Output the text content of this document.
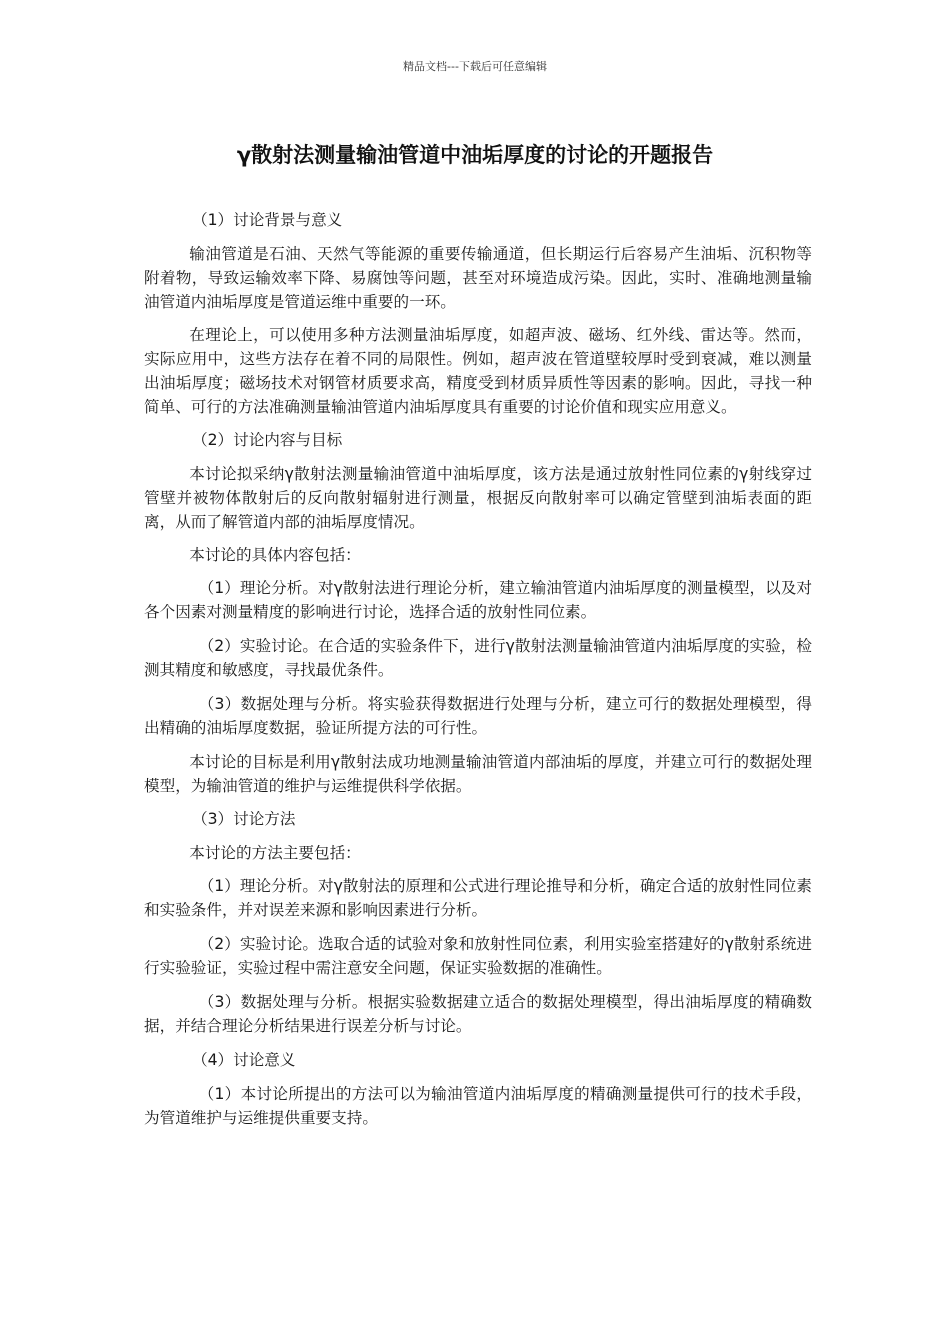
精品文档---下载后可任意编辑
γ散射法测量输油管道中油垢厚度的讨论的开题报告
（1）讨论背景与意义

输油管道是石油、天然气等能源的重要传输通道，但长期运行后容易产生油垢、沉积物等附着物，导致运输效率下降、易腐蚀等问题，甚至对环境造成污染。因此，实时、准确地测量输油管道内油垢厚度是管道运维中重要的一环。

在理论上，可以使用多种方法测量油垢厚度，如超声波、磁场、红外线、雷达等。然而，实际应用中，这些方法存在着不同的局限性。例如，超声波在管道壁较厚时受到衰减，难以测量出油垢厚度；磁场技术对钢管材质要求高，精度受到材质异质性等因素的影响。因此，寻找一种简单、可行的方法准确测量输油管道内油垢厚度具有重要的讨论价值和现实应用意义。

（2）讨论内容与目标

本讨论拟采纳γ散射法测量输油管道中油垢厚度，该方法是通过放射性同位素的γ射线穿过管壁并被物体散射后的反向散射辐射进行测量，根据反向散射率可以确定管壁到油垢表面的距离，从而了解管道内部的油垢厚度情况。

本讨论的具体内容包括：

（1）理论分析。对γ散射法进行理论分析，建立输油管道内油垢厚度的测量模型，以及对各个因素对测量精度的影响进行讨论，选择合适的放射性同位素。

（2）实验讨论。在合适的实验条件下，进行γ散射法测量输油管道内油垢厚度的实验，检测其精度和敏感度，寻找最优条件。

（3）数据处理与分析。将实验获得数据进行处理与分析，建立可行的数据处理模型，得出精确的油垢厚度数据，验证所提方法的可行性。

本讨论的目标是利用γ散射法成功地测量输油管道内部油垢的厚度，并建立可行的数据处理模型，为输油管道的维护与运维提供科学依据。

（3）讨论方法

本讨论的方法主要包括：

（1）理论分析。对γ散射法的原理和公式进行理论推导和分析，确定合适的放射性同位素和实验条件，并对误差来源和影响因素进行分析。

（2）实验讨论。选取合适的试验对象和放射性同位素，利用实验室搭建好的γ散射系统进行实验验证，实验过程中需注意安全问题，保证实验数据的准确性。

（3）数据处理与分析。根据实验数据建立适合的数据处理模型，得出油垢厚度的精确数据，并结合理论分析结果进行误差分析与讨论。

（4）讨论意义

（1）本讨论所提出的方法可以为输油管道内油垢厚度的精确测量提供可行的技术手段，为管道维护与运维提供重要支持。
